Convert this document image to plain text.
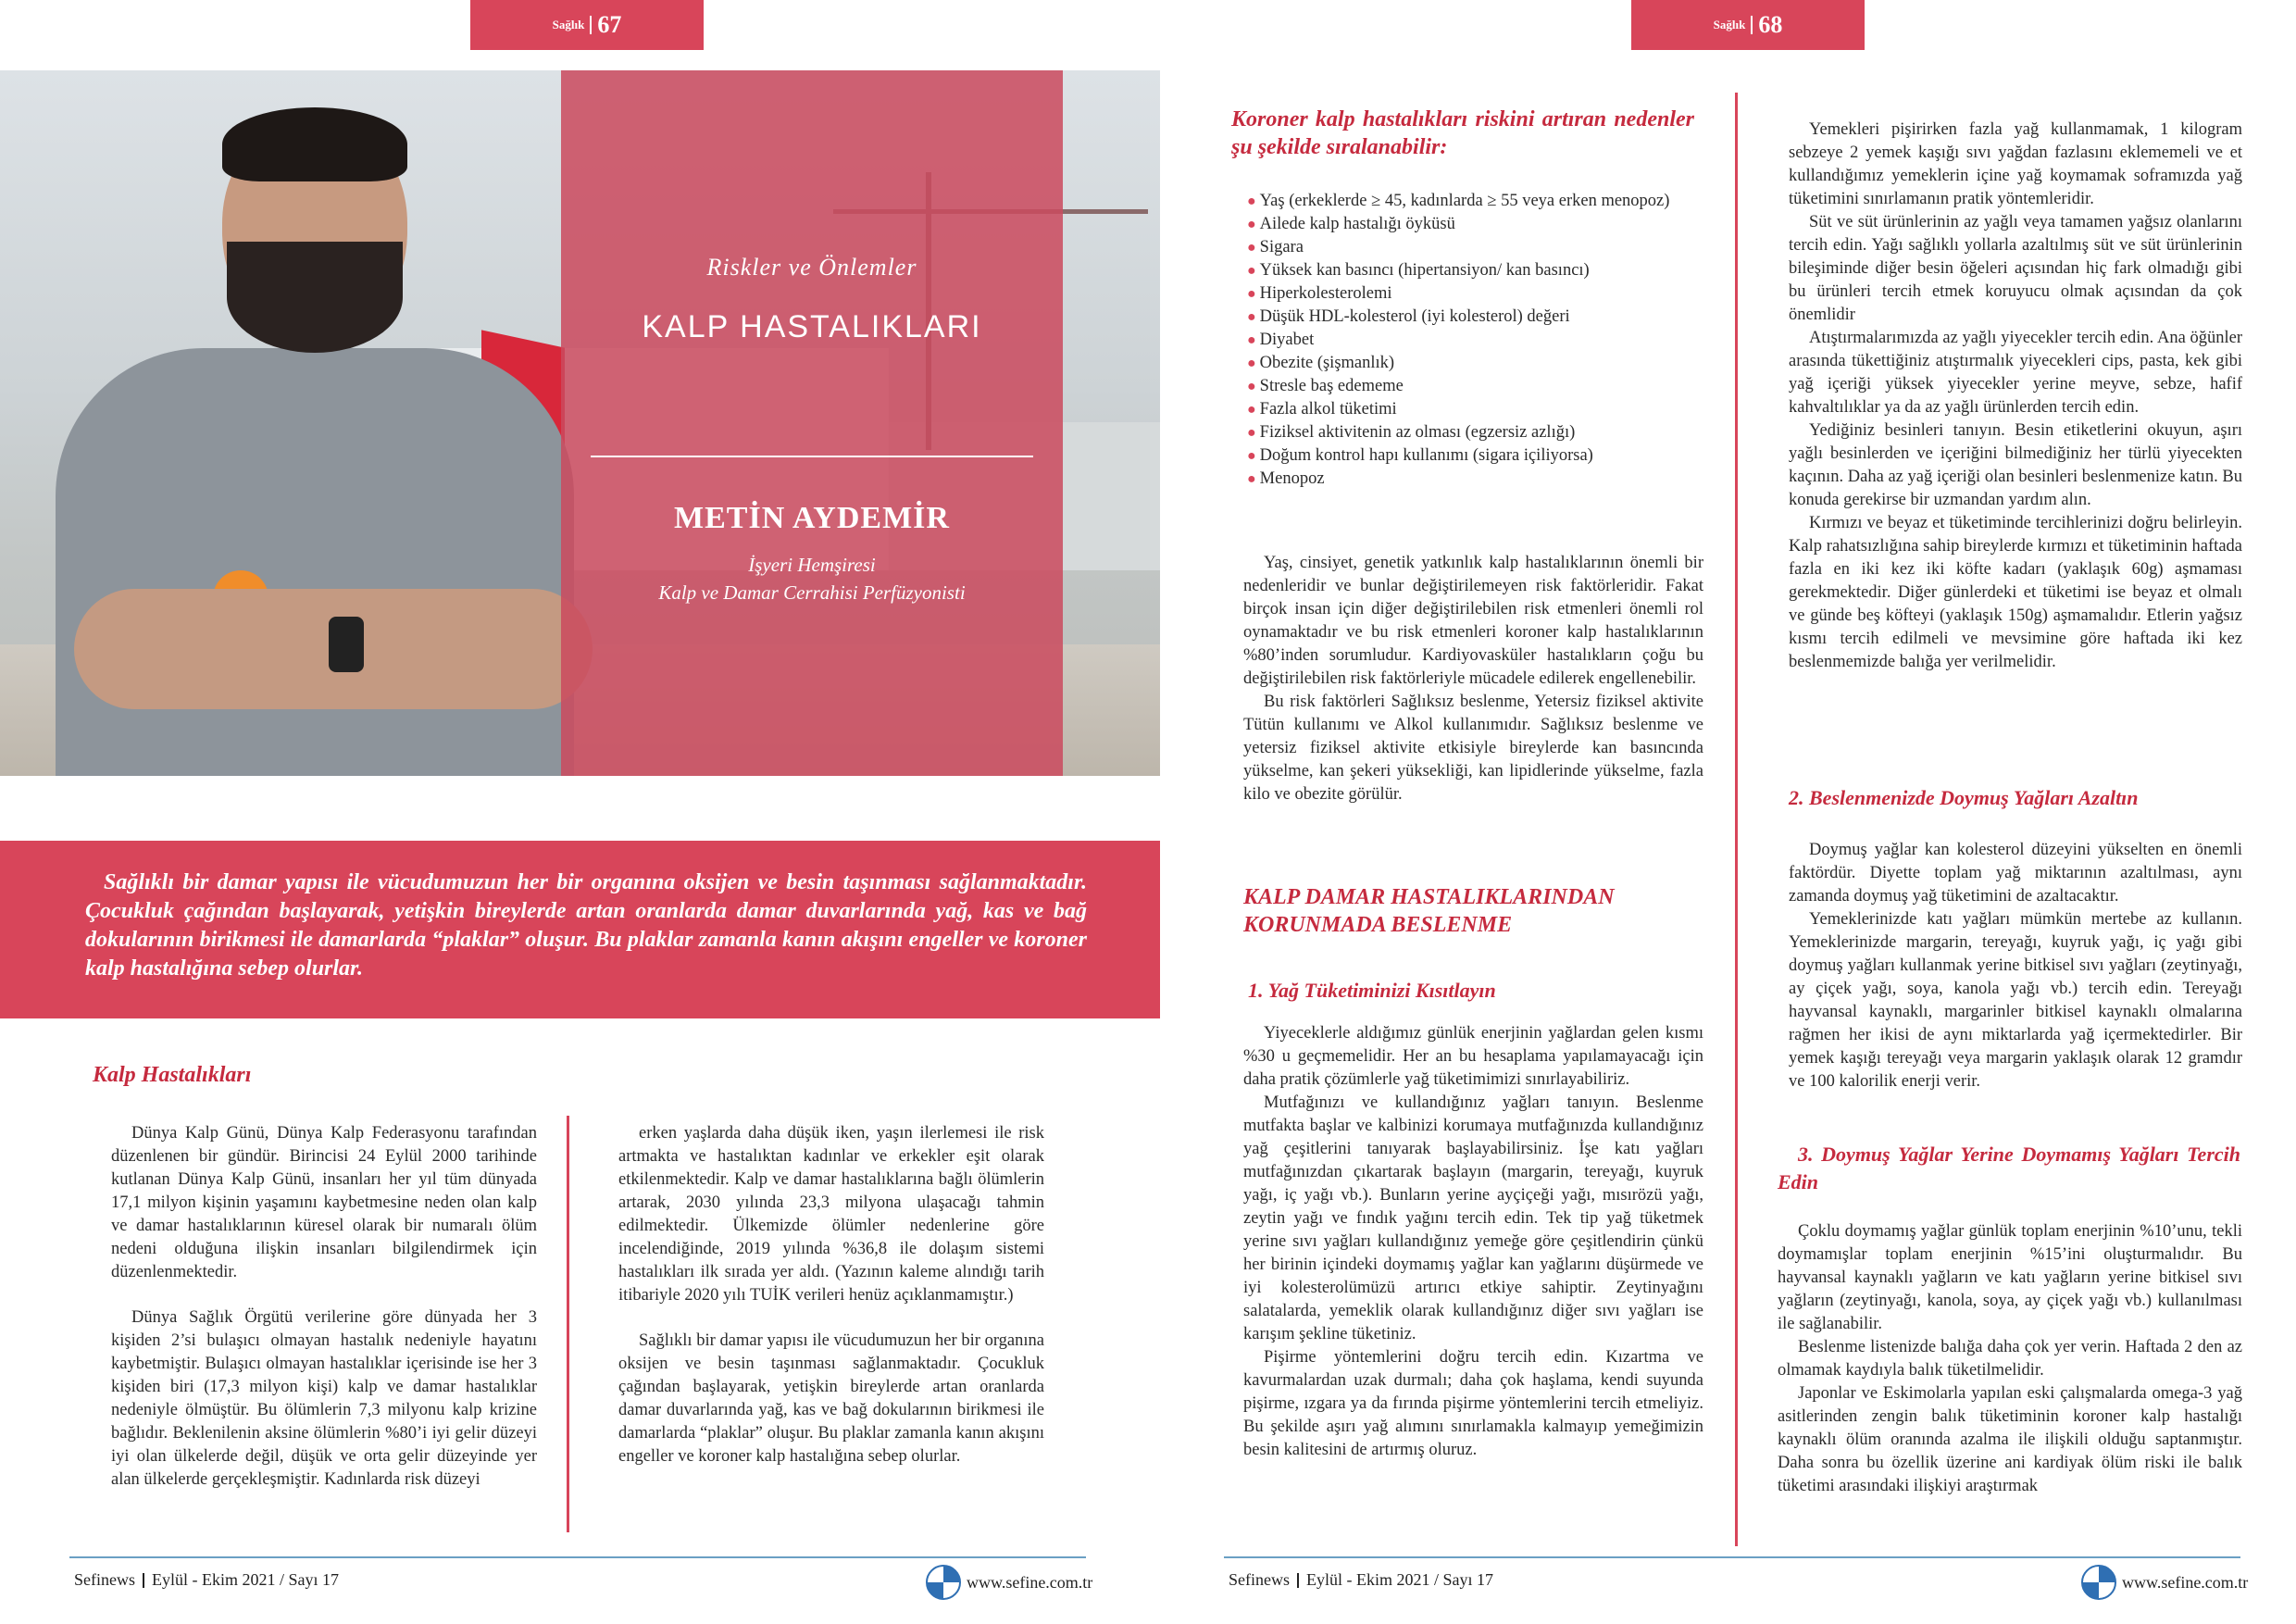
Sağlık 67	Sağlık 68
Riskler ve Önlemler
KALP HASTALIKLARI
METİN AYDEMİR
İşyeri Hemşiresi
Kalp ve Damar Cerrahisi Perfüzyonisti

Sağlıklı bir damar yapısı ile vücudumuzun her bir organına oksijen ve besin taşınması sağlanmaktadır. Çocukluk çağından başlayarak, yetişkin bireylerde artan oranlarda damar duvarlarında yağ, kas ve bağ dokularının birikmesi ile damarlarda “plaklar” oluşur. Bu plaklar zamanla kanın akışını engeller ve koroner kalp hastalığına sebep olurlar.

Kalp Hastalıkları

Dünya Kalp Günü, Dünya Kalp Federasyonu tarafından düzenlenen bir gündür. Birincisi 24 Eylül 2000 tarihinde kutlanan Dünya Kalp Günü, insanları her yıl tüm dünyada 17,1 milyon kişinin yaşamını kaybetmesine neden olan kalp ve damar hastalıklarının küresel olarak bir numaralı ölüm nedeni olduğuna ilişkin insanları bilgilendirmek için düzenlenmektedir.

Dünya Sağlık Örgütü verilerine göre dünyada her 3 kişiden 2’si bulaşıcı olmayan hastalık nedeniyle hayatını kaybetmiştir. Bulaşıcı olmayan hastalıklar içerisinde ise her 3 kişiden biri (17,3 milyon kişi) kalp ve damar hastalıklar nedeniyle ölmüştür. Bu ölümlerin 7,3 milyonu kalp krizine bağlıdır. Beklenilenin aksine ölümlerin %80’i iyi gelir düzeyi iyi olan ülkelerde değil, düşük ve orta gelir düzeyinde yer alan ülkelerde gerçekleşmiştir. Kadınlarda risk düzeyi

erken yaşlarda daha düşük iken, yaşın ilerlemesi ile risk artmakta ve hastalıktan kadınlar ve erkekler eşit olarak etkilenmektedir. Kalp ve damar hastalıklarına bağlı ölümlerin artarak, 2030 yılında 23,3 milyona ulaşacağı tahmin edilmektedir. Ülkemizde ölümler nedenlerine göre incelendiğinde, 2019 yılında %36,8 ile dolaşım sistemi hastalıkları ilk sırada yer aldı. (Yazının kaleme alındığı tarih itibariyle 2020 yılı TUİK verileri henüz açıklanmamıştır.)

Sağlıklı bir damar yapısı ile vücudumuzun her bir organına oksijen ve besin taşınması sağlanmaktadır. Çocukluk çağından başlayarak, yetişkin bireylerde artan oranlarda damar duvarlarında yağ, kas ve bağ dokularının birikmesi ile damarlarda “plaklar” oluşur. Bu plaklar zamanla kanın akışını engeller ve koroner kalp hastalığına sebep olurlar.

Koroner kalp hastalıkları riskini artıran nedenler şu şekilde sıralanabilir:
● Yaş (erkeklerde ≥ 45, kadınlarda ≥ 55 veya erken menopoz)
● Ailede kalp hastalığı öyküsü
● Sigara
● Yüksek kan basıncı (hipertansiyon/ kan basıncı)
● Hiperkolesterolemi
● Düşük HDL-kolesterol (iyi kolesterol) değeri
● Diyabet
● Obezite (şişmanlık)
● Stresle baş edememe
● Fazla alkol tüketimi
● Fiziksel aktivitenin az olması (egzersiz azlığı)
● Doğum kontrol hapı kullanımı (sigara içiliyorsa)
● Menopoz

Yaş, cinsiyet, genetik yatkınlık kalp hastalıklarının önemli bir nedenleridir ve bunlar değiştirilemeyen risk faktörleridir. Fakat birçok insan için diğer değiştirilebilen risk etmenleri önemli rol oynamaktadır ve bu risk etmenleri koroner kalp hastalıklarının %80’inden sorumludur. Kardiyovasküler hastalıkların çoğu bu değiştirilebilen risk faktörleriyle mücadele edilerek engellenebilir.

Bu risk faktörleri Sağlıksız beslenme, Yetersiz fiziksel aktivite Tütün kullanımı ve Alkol kullanımıdır. Sağlıksız beslenme ve yetersiz fiziksel aktivite etkisiyle bireylerde kan basıncında yükselme, kan şekeri yüksekliği, kan lipidlerinde yükselme, fazla kilo ve obezite görülür.

KALP DAMAR HASTALIKLARINDAN KORUNMADA BESLENME
1. Yağ Tüketiminizi Kısıtlayın

Yiyeceklerle aldığımız günlük enerjinin yağlardan gelen kısmı %30 u geçmemelidir. Her an bu hesaplama yapılamayacağı için daha pratik çözümlerle yağ tüketimimizi sınırlayabiliriz.

Mutfağınızı ve kullandığınız yağları tanıyın. Beslenme mutfakta başlar ve kalbinizi korumaya mutfağınızda kullandığınız yağ çeşitlerini tanıyarak başlayabilirsiniz. İşe katı yağları mutfağınızdan çıkartarak başlayın (margarin, tereyağı, kuyruk yağı, iç yağı vb.). Bunların yerine ayçiçeği yağı, mısırözü yağı, zeytin yağı ve fındık yağını tercih edin. Tek tip yağ tüketmek yerine sıvı yağları kullandığınız yemeğe göre çeşitlendirin çünkü her birinin içindeki doymamış yağlar kan yağlarını düşürmede ve iyi kolesterolümüzü artırıcı etkiye sahiptir. Zeytinyağını salatalarda, yemeklik olarak kullandığınız diğer sıvı yağları ise karışım şekline tüketiniz.

Pişirme yöntemlerini doğru tercih edin. Kızartma ve kavurmalardan uzak durmalı; daha çok haşlama, kendi suyunda pişirme, ızgara ya da fırında pişirme yöntemlerini tercih etmeliyiz. Bu şekilde aşırı yağ alımını sınırlamakla kalmayıp yemeğimizin besin kalitesini de artırmış oluruz.

Yemekleri pişirirken fazla yağ kullanmamak, 1 kilogram sebzeye 2 yemek kaşığı sıvı yağdan fazlasını eklememeli ve et kullandığımız yemeklerin içine yağ koymamak soframızda yağ tüketimini sınırlamanın pratik yöntemleridir.

Süt ve süt ürünlerinin az yağlı veya tamamen yağsız olanlarını tercih edin. Yağı sağlıklı yollarla azaltılmış süt ve süt ürünlerinin bileşiminde diğer besin öğeleri açısından hiç fark olmadığı gibi bu ürünleri tercih etmek koruyucu olmak açısından da çok önemlidir

Atıştırmalarımızda az yağlı yiyecekler tercih edin. Ana öğünler arasında tükettiğiniz atıştırmalık yiyecekleri cips, pasta, kek gibi yağ içeriği yüksek yiyecekler yerine meyve, sebze, hafif kahvaltılıklar ya da az yağlı ürünlerden tercih edin.

Yediğiniz besinleri tanıyın. Besin etiketlerini okuyun, aşırı yağlı besinlerden ve içeriğini bilmediğiniz her türlü yiyecekten kaçının. Daha az yağ içeriği olan besinleri beslenmenize katın. Bu konuda gerekirse bir uzmandan yardım alın.

Kırmızı ve beyaz et tüketiminde tercihlerinizi doğru belirleyin. Kalp rahatsızlığına sahip bireylerde kırmızı et tüketiminin haftada fazla en iki kez iki köfte kadarı (yaklaşık 60g) aşmaması gerekmektedir. Diğer günlerdeki et tüketimi ise beyaz et olmalı ve günde beş köfteyi (yaklaşık 150g) aşmamalıdır. Etlerin yağsız kısmı tercih edilmeli ve mevsimine göre haftada iki kez beslenmemizde balığa yer verilmelidir.

2. Beslenmenizde Doymuş Yağları Azaltın

Doymuş yağlar kan kolesterol düzeyini yükselten en önemli faktördür. Diyette toplam yağ miktarının azaltılması, aynı zamanda doymuş yağ tüketimini de azaltacaktır.

Yemeklerinizde katı yağları mümkün mertebe az kullanın. Yemeklerinizde margarin, tereyağı, kuyruk yağı, iç yağı gibi doymuş yağları kullanmak yerine bitkisel sıvı yağları (zeytinyağı, ay çiçek yağı, soya, kanola yağı vb.) tercih edin. Tereyağı hayvansal kaynaklı, margarinler bitkisel kaynaklı olmalarına rağmen her ikisi de aynı miktarlarda yağ içermektedirler. Bir yemek kaşığı tereyağı veya margarin yaklaşık olarak 12 gramdır ve 100 kalorilik enerji verir.

3. Doymuş Yağlar Yerine Doymamış Yağları Tercih Edin

Çoklu doymamış yağlar günlük toplam enerjinin %10’unu, tekli doymamışlar toplam enerjinin %15’ini oluşturmalıdır. Bu hayvansal kaynaklı yağların ve katı yağların yerine bitkisel sıvı yağların (zeytinyağı, kanola, soya, ay çiçek yağı vb.) kullanılması ile sağlanabilir.

Beslenme listenizde balığa daha çok yer verin. Haftada 2 den az olmamak kaydıyla balık tüketilmelidir.

Japonlar ve Eskimolarla yapılan eski çalışmalarda omega-3 yağ asitlerinden zengin balık tüketiminin koroner kalp hastalığı kaynaklı ölüm oranında azalma ile ilişkili olduğu saptanmıştır. Daha sonra bu özellik üzerine ani kardiyak ölüm riski ile balık tüketimi arasındaki ilişkiyi araştırmak

Sefinews Eylül - Ekim 2021 / Sayı 17	www.sefine.com.tr	Sefinews Eylül - Ekim 2021 / Sayı 17	www.sefine.com.tr
